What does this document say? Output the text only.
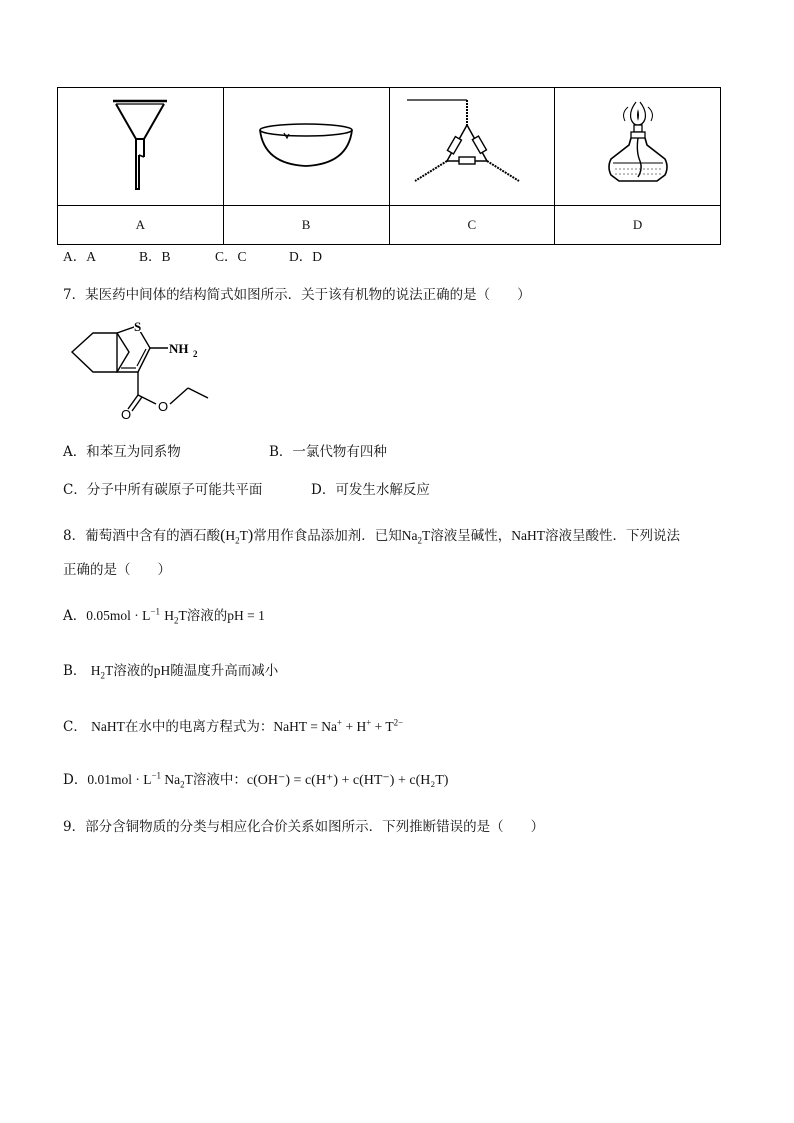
A	B	C	D
A．A	B．B	C．C	D．D
7．某医药中间体的结构简式如图所示．关于该有机物的说法正确的是（　　）
S
NH 2
O
O
A．和苯互为同系物	B．一氯代物有四种
C．分子中所有碳原子可能共平面	D．可发生水解反应
8．葡萄酒中含有的酒石酸$(H_2T)$常用作食品添加剂．已知$Na_2T$溶液呈碱性，NaHT溶液呈酸性．下列说法
正确的是（　　）
A．$0.05mol \cdot L^{-1}$ $H_2T$溶液的pH = 1
B． $H_2T$溶液的pH随温度升高而减小
C． NaHT在水中的电离方程式为：NaHT = $Na^+ + H^+ + T^{2-}$
D．$0.01mol \cdot L^{-1}$ $Na_2T$溶液中：c(OH⁻) = c(H⁺) + c(HT⁻) + c(H₂T)
9．部分含铜物质的分类与相应化合价关系如图所示．下列推断错误的是（　　）
